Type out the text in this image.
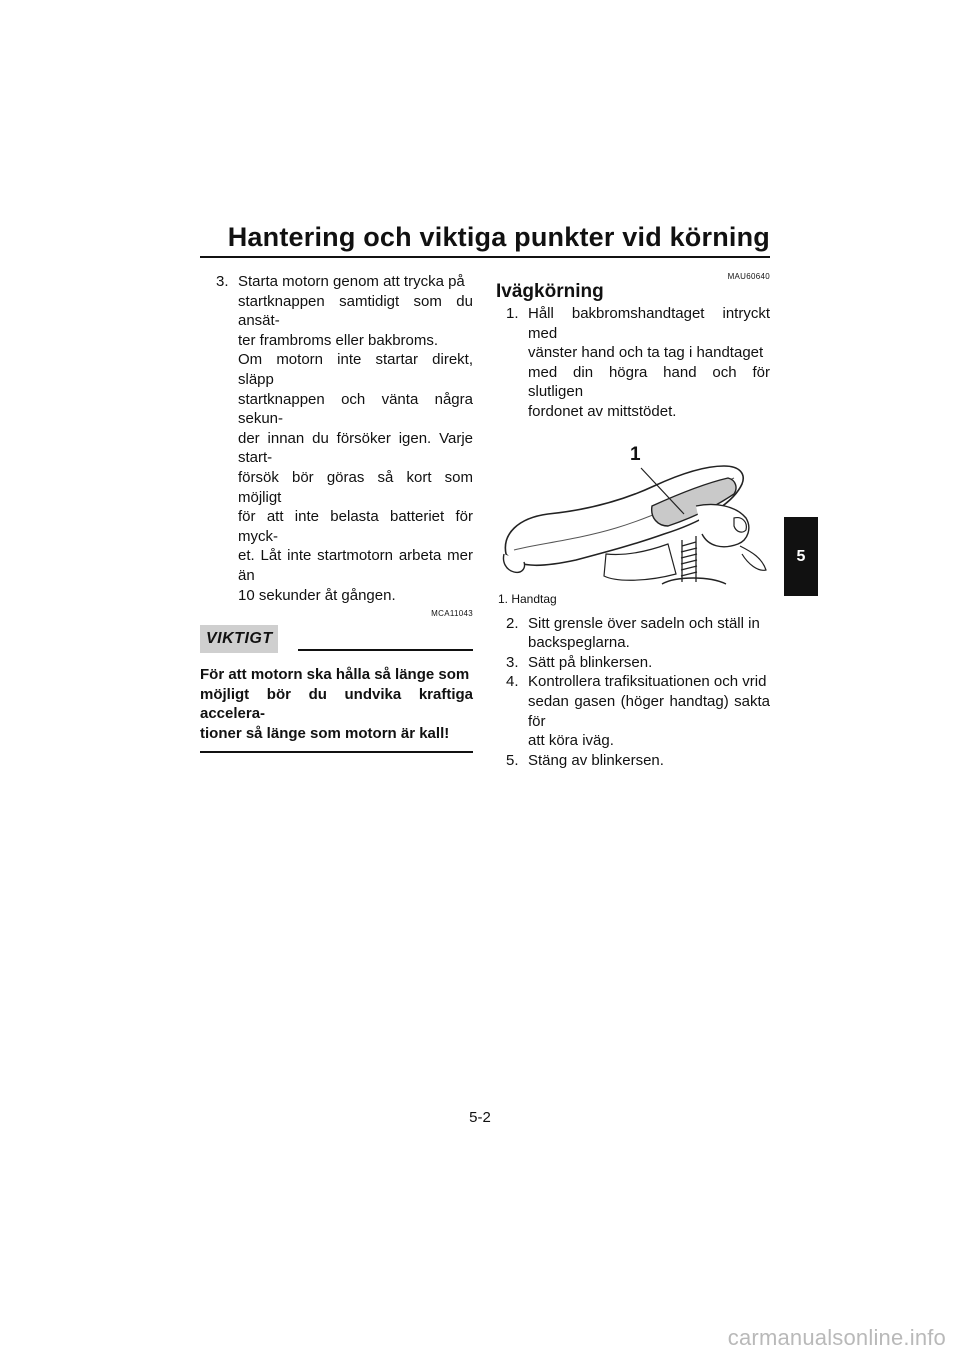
Hantering och viktiga punkter vid körning
3. Starta motorn genom att trycka på
startknappen samtidigt som du ansät-
ter frambroms eller bakbroms.
Om motorn inte startar direkt, släpp
startknappen och vänta några sekun-
der innan du försöker igen. Varje start-
försök bör göras så kort som möjligt
för att inte belasta batteriet för myck-
et. Låt inte startmotorn arbeta mer än
10 sekunder åt gången.
MCA11043
VIKTIGT
För att motorn ska hålla så länge som
möjligt bör du undvika kraftiga accelera-
tioner så länge som motorn är kall!
MAU60640
Ivägkörning
1. Håll bakbromshandtaget intryckt med
vänster hand och ta tag i handtaget
med din högra hand och för slutligen
fordonet av mittstödet.
1
1. Handtag
2. Sitt grensle över sadeln och ställ in
backspeglarna.
3. Sätt på blinkersen.
4. Kontrollera trafiksituationen och vrid
sedan gasen (höger handtag) sakta för
att köra iväg.
5. Stäng av blinkersen.
5
5-2
carmanualsonline.info
